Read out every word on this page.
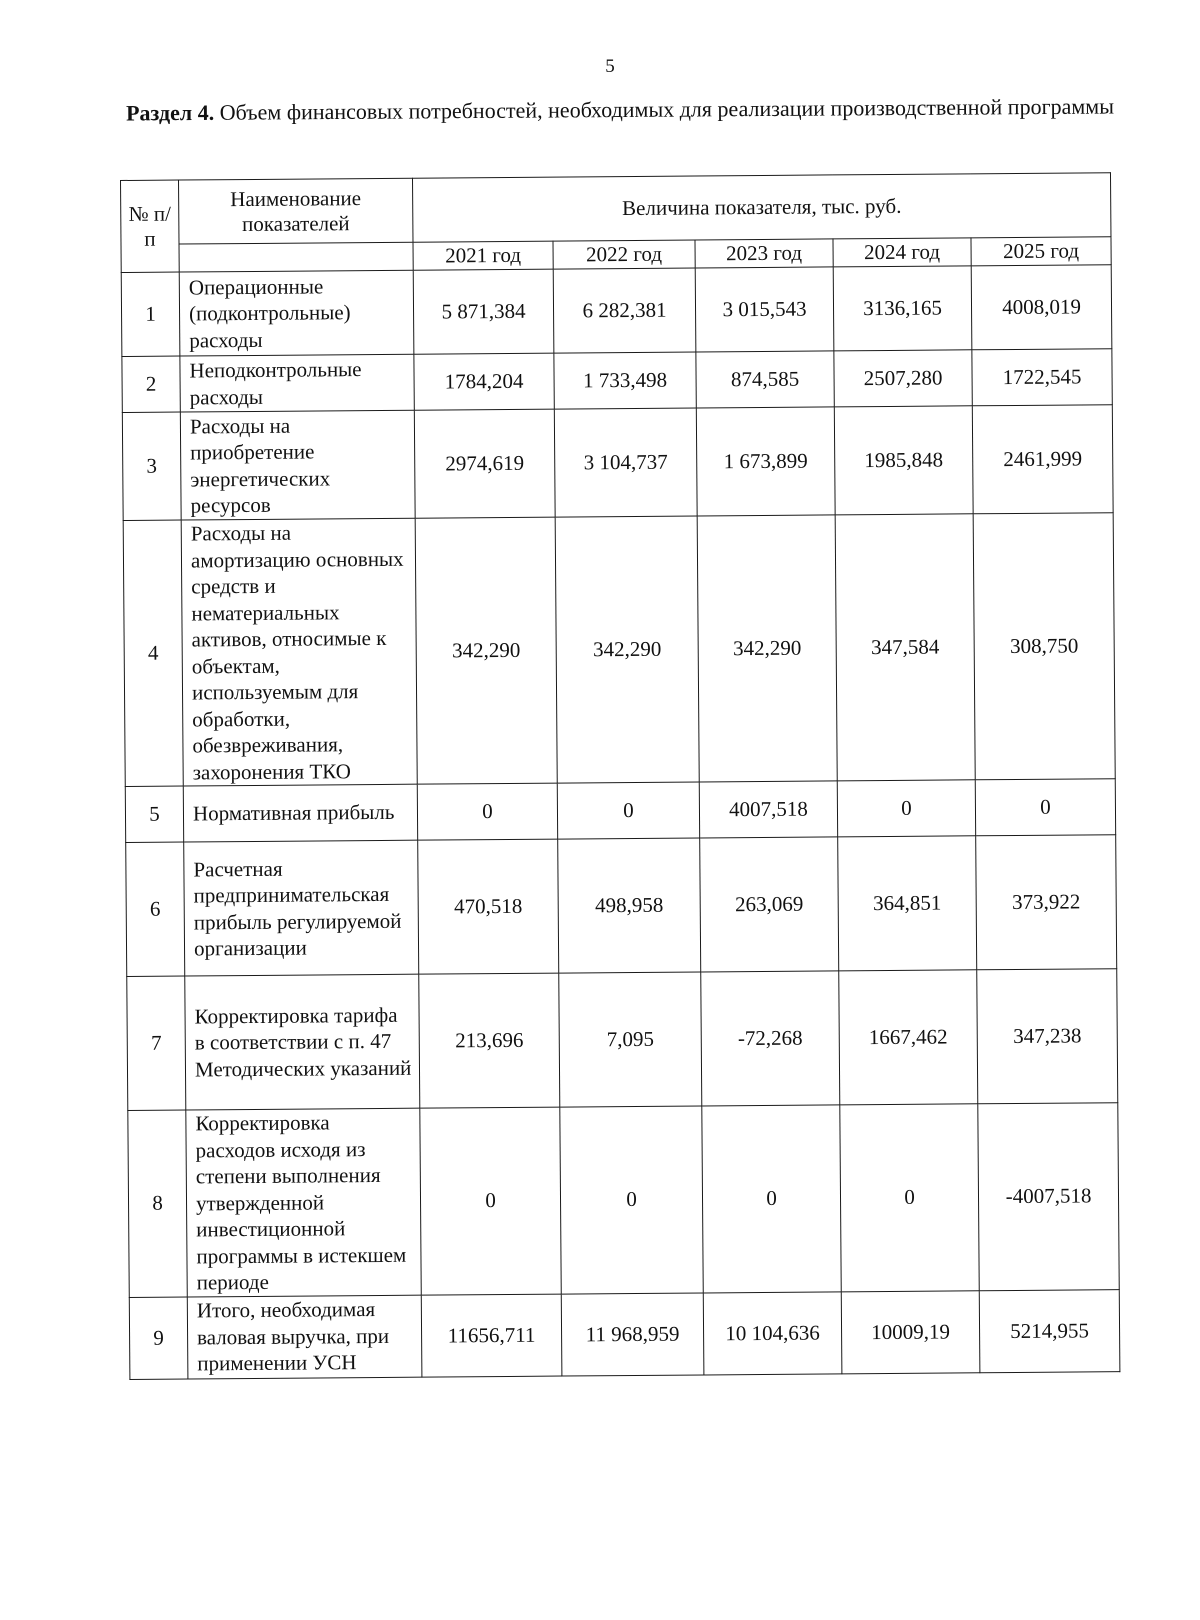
5
Раздел 4. Объем финансовых потребностей, необходимых для реализации производственной программы
№ п/п	Наименование показателей	Величина показателя, тыс. руб.				
		2021 год	2022 год	2023 год	2024 год	2025 год
1	Операционные (подконтрольные) расходы	5 871,384	6 282,381	3 015,543	3136,165	4008,019
2	Неподконтрольные расходы	1784,204	1 733,498	874,585	2507,280	1722,545
3	Расходы на приобретение энергетических ресурсов	2974,619	3 104,737	1 673,899	1985,848	2461,999
4	Расходы на амортизацию основных средств и нематериальных активов, относимые к объектам, используемым для обработки, обезвреживания, захоронения ТКО	342,290	342,290	342,290	347,584	308,750
5	Нормативная прибыль	0	0	4007,518	0	0
6	Расчетная предпринимательская прибыль регулируемой организации	470,518	498,958	263,069	364,851	373,922
7	Корректировка тарифа в соответствии с п. 47 Методических указаний	213,696	7,095	-72,268	1667,462	347,238
8	Корректировка расходов исходя из степени выполнения утвержденной инвестиционной программы в истекшем периоде	0	0	0	0	-4007,518
9	Итого, необходимая валовая выручка, при применении УСН	11656,711	11 968,959	10 104,636	10009,19	5214,955
